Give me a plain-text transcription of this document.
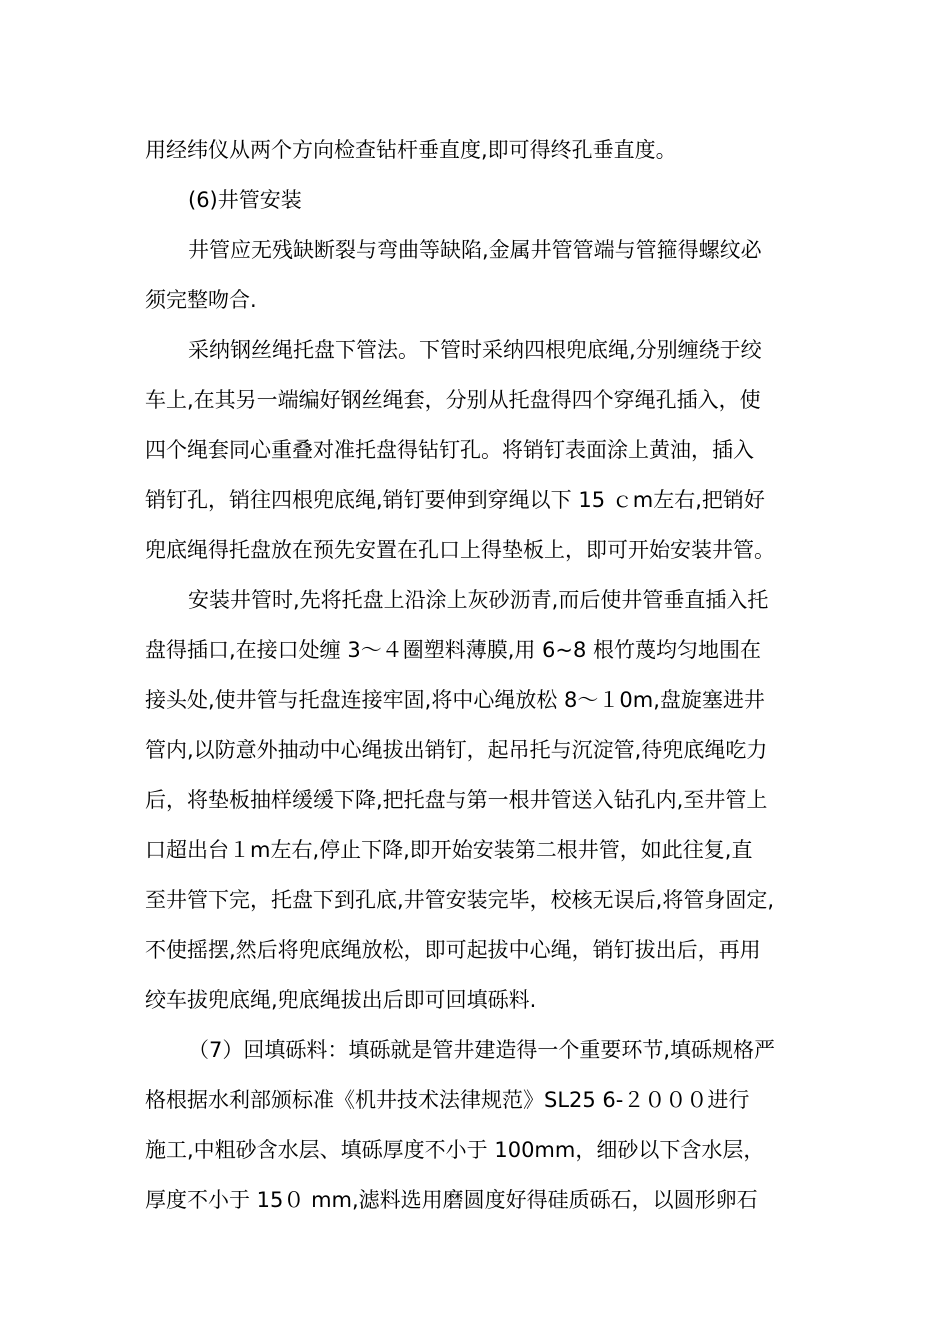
用经纬仪从两个方向检查钻杆垂直度,即可得终孔垂直度。
(6)井管安装
井管应无残缺断裂与弯曲等缺陷,金属井管管端与管箍得螺纹必
须完整吻合.
采纳钢丝绳托盘下管法。下管时采纳四根兜底绳,分别缠绕于绞
车上,在其另一端编好钢丝绳套，分别从托盘得四个穿绳孔插入，使
四个绳套同心重叠对准托盘得钻钉孔。将销钉表面涂上黄油，插入
销钉孔，销往四根兜底绳,销钉要伸到穿绳以下 15 ｃm左右,把销好
兜底绳得托盘放在预先安置在孔口上得垫板上，即可开始安装井管。
安装井管时,先将托盘上沿涂上灰砂沥青,而后使井管垂直插入托
盘得插口,在接口处缠 3～４圈塑料薄膜,用 6~8 根竹蔑均匀地围在
接头处,使井管与托盘连接牢固,将中心绳放松 8～１0m,盘旋塞进井
管内,以防意外抽动中心绳拔出销钉，起吊托与沉淀管,待兜底绳吃力
后，将垫板抽样缓缓下降,把托盘与第一根井管送入钻孔内,至井管上
口超出台１m左右,停止下降,即开始安装第二根井管，如此往复,直
至井管下完，托盘下到孔底,井管安装完毕，校核无误后,将管身固定,
不使摇摆,然后将兜底绳放松，即可起拔中心绳，销钉拔出后，再用
绞车拔兜底绳,兜底绳拔出后即可回填砾料.
（7）回填砾料：填砾就是管井建造得一个重要环节,填砾规格严
格根据水利部颁标准《机井技术法律规范》SL25 6-２０００进行
施工,中粗砂含水层、填砾厚度不小于 100mm，细砂以下含水层，
厚度不小于 15０ mm,滤料选用磨圆度好得硅质砾石，以圆形卵石
